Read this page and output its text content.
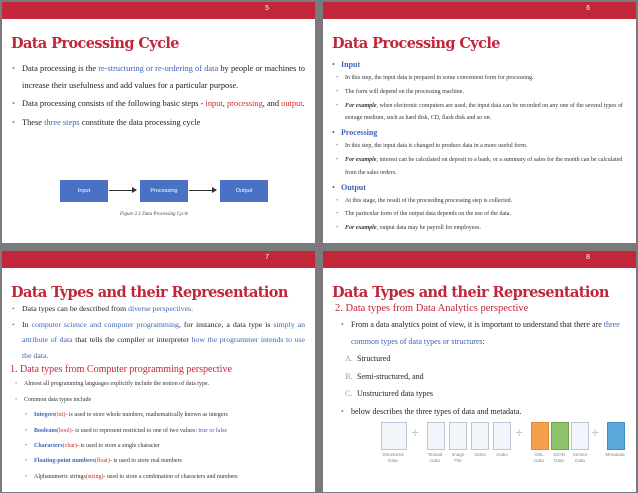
5
Data Processing Cycle
• Data processing is the re-structuring or re-ordering of data by people or machines to increase their usefulness and add values for a particular purpose.
• Data processing consists of the following basic steps - input, processing, and output.
• These three steps constitute the data processing cycle
Input	Processing	Output
Figure 2.1 Data Processing Cycle
6
Data Processing Cycle
• Input
• In this step, the input data is prepared in some convenient form for processing.
• The form will depend on the processing machine.
• For example, when electronic computers are used, the input data can be recorded on any one of the several types of storage medium, such as hard disk, CD, flash disk and so on.
• Processing
• In this step, the input data is changed to produce data in a more useful form.
• For example, interest can be calculated on deposit to a bank, or a summary of sales for the month can be calculated from the sales orders.
• Output
• At this stage, the result of the proceeding processing step is collected.
• The particular form of the output data depends on the use of the data.
• For example, output data may be payroll for employees.
7
Data Types and their Representation
• Data types can be described from diverse perspectives.
• In computer science and computer programming, for instance, a data type is simply an attribute of data that tells the compiler or interpreter how the programmer intends to use the data.
1. Data types from Computer programming perspective
• Almost all programming languages explicitly include the notion of data type.
• Common data types include
• Integers(int)- is used to store whole numbers, mathematically known as integers
• Booleans(bool)- is used to represent restricted to one of two values: true or false
• Characters(char)- is used to store a single character
• Floating-point numbers(float)- is used to store real numbers
• Alphanumeric strings(string)- used to store a combination of characters and numbers
8
Data Types and their Representation
2. Data types from Data Analytics perspective
• From a data analytics point of view, it is important to understand that there are three common types of data types or structures:
A. Structured
B. Semi-structured, and
C. Unstructured data types
• below describes the three types of data and metadata.
+	+	+
Structured
Data
Textual
Data
Image
File
Video	Audio	XML
Data
JSON
Data
Sensor
Data
Metadata
